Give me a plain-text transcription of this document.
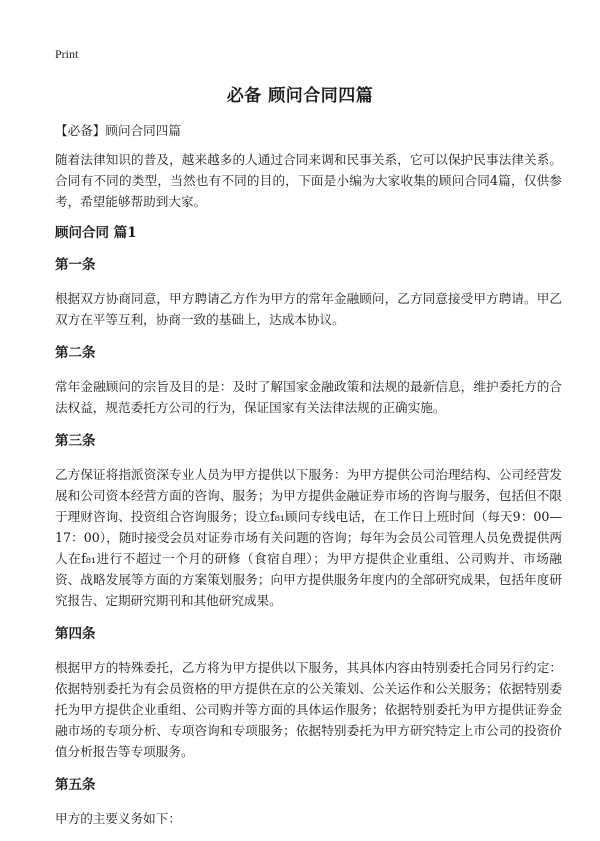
Print
必备 顾问合同四篇

【必备】顾问合同四篇

随着法律知识的普及，越来越多的人通过合同来调和民事关系，它可以保护民事法律关系。合同有不同的类型，当然也有不同的目的，下面是小编为大家收集的顾问合同4篇，仅供参考，希望能够帮助到大家。

顾问合同 篇1
第一条

根据双方协商同意，甲方聘请乙方作为甲方的常年金融顾问，乙方同意接受甲方聘请。甲乙双方在平等互利，协商一致的基础上，达成本协议。

第二条

常年金融顾问的宗旨及目的是：及时了解国家金融政策和法规的最新信息，维护委托方的合法权益，规范委托方公司的行为，保证国家有关法律法规的正确实施。

第三条

乙方保证将指派资深专业人员为甲方提供以下服务：为甲方提供公司治理结构、公司经营发展和公司资本经营方面的咨询、服务；为甲方提供金融证券市场的咨询与服务，包括但不限于理财咨询、投资组合咨询服务；设立f₈₁顾问专线电话，在工作日上班时间（每天9：00—17：00），随时接受会员对证券市场有关问题的咨询；每年为会员公司管理人员免费提供两人在f₈₁进行不超过一个月的研修（食宿自理）；为甲方提供企业重组、公司购并、市场融资、战略发展等方面的方案策划服务；向甲方提供服务年度内的全部研究成果，包括年度研究报告、定期研究期刊和其他研究成果。

第四条

根据甲方的特殊委托，乙方将为甲方提供以下服务，其具体内容由特别委托合同另行约定：依据特别委托为有会员资格的甲方提供在京的公关策划、公关运作和公关服务；依据特别委托为甲方提供企业重组、公司购并等方面的具体运作服务；依据特别委托为甲方提供证券金融市场的专项分析、专项咨询和专项服务；依据特别委托为甲方研究特定上市公司的投资价值分析报告等专项服务。

第五条

甲方的主要义务如下：
